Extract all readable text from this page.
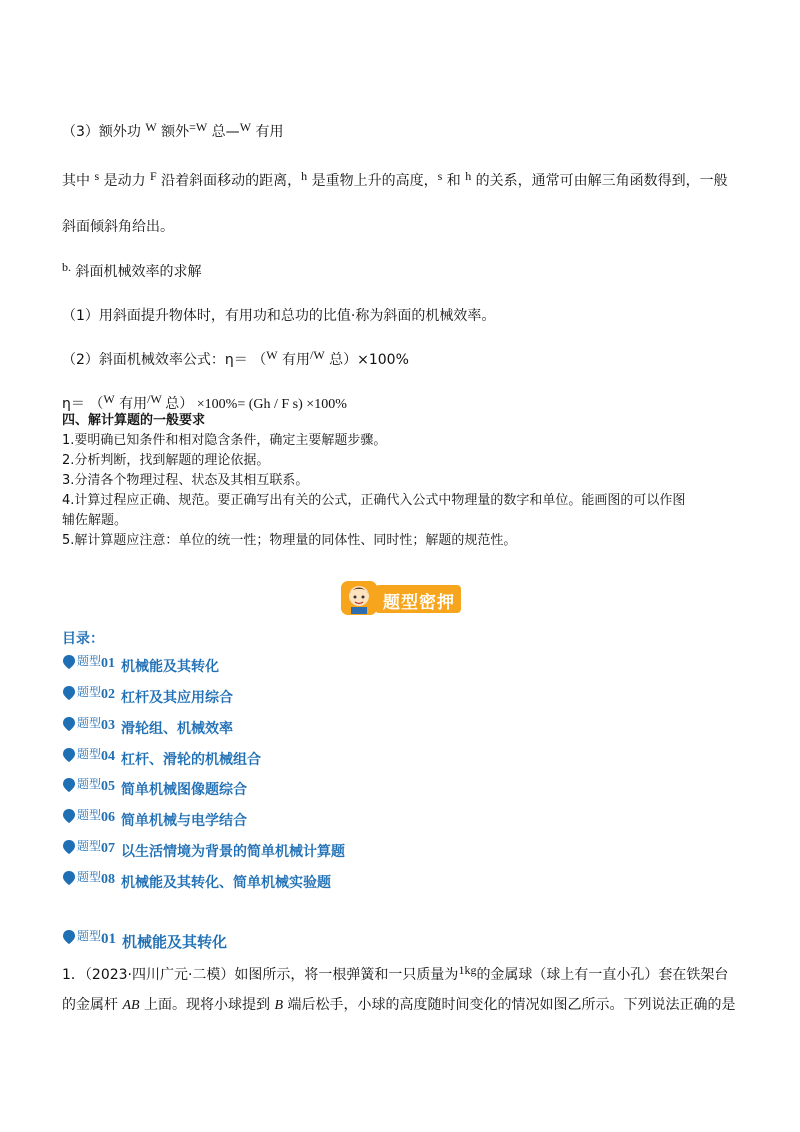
（3）额外功 W 额外=W 总—W 有用
其中 s 是动力 F 沿着斜面移动的距离，h 是重物上升的高度，s 和 h 的关系，通常可由解三角函数得到，一般
斜面倾斜角给出。
b. 斜面机械效率的求解
（1）用斜面提升物体时，有用功和总功的比值·称为斜面的机械效率。
（2）斜面机械效率公式：η＝ （W 有用/W 总）×100%
η＝ （W 有用/W 总） ×100%= (Gh / F s) ×100%
四、解计算题的一般要求
1.要明确已知条件和相对隐含条件，确定主要解题步骤。
2.分析判断，找到解题的理论依据。
3.分清各个物理过程、状态及其相互联系。
4.计算过程应正确、规范。要正确写出有关的公式，正确代入公式中物理量的数字和单位。能画图的可以作图
辅佐解题。
5.解计算题应注意：单位的统一性；物理量的同体性、同时性；解题的规范性。
题型密押
目录：
题型 01 机械能及其转化
题型 02 杠杆及其应用综合
题型 03 滑轮组、机械效率
题型 04 杠杆、滑轮的机械组合
题型 05 简单机械图像题综合
题型 06 简单机械与电学结合
题型 07 以生活情境为背景的简单机械计算题
题型 08 机械能及其转化、简单机械实验题
题型 01 机械能及其转化
1．（2023·四川广元·二模）如图所示，将一根弹簧和一只质量为1kg的金属球（球上有一直小孔）套在铁架台
的金属杆 AB 上面。现将小球提到 B 端后松手，小球的高度随时间变化的情况如图乙所示。下列说法正确的是
